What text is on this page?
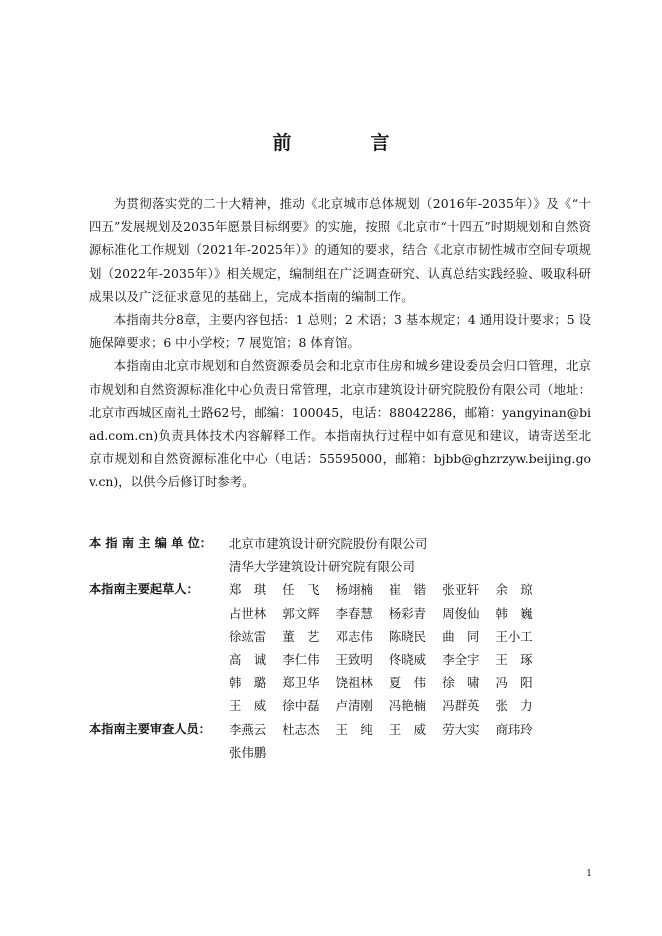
前　言

为贯彻落实党的二十大精神，推动《北京城市总体规划（2016年-2035年）》及《“十四五”发展规划及2035年愿景目标纲要》的实施，按照《北京市“十四五”时期规划和自然资源标准化工作规划（2021年-2025年）》的通知的要求，结合《北京市韧性城市空间专项规划（2022年-2035年）》相关规定，编制组在广泛调查研究、认真总结实践经验、吸取科研成果以及广泛征求意见的基础上，完成本指南的编制工作。

本指南共分8章，主要内容包括：1 总则；2 术语；3 基本规定；4 通用设计要求；5 设施保障要求；6 中小学校；7 展览馆；8 体育馆。

本指南由北京市规划和自然资源委员会和北京市住房和城乡建设委员会归口管理，北京市规划和自然资源标准化中心负责日常管理，北京市建筑设计研究院股份有限公司（地址：北京市西城区南礼士路62号，邮编：100045，电话：88042286，邮箱：yangyinan@biad.com.cn)负责具体技术内容解释工作。本指南执行过程中如有意见和建议，请寄送至北京市规划和自然资源标准化中心（电话：55595000，邮箱：bjbb@ghzrzyw.beijing.gov.cn)，以供今后修订时参考。

本 指 南 主 编 单 位：	北京市建筑设计研究院股份有限公司
清华大学建筑设计研究院有限公司
本指南主要起草人：	郑　琪	任　飞	杨翊楠	崔　锴	张亚轩	余　琼
占世林	郭文辉	李春慧	杨彩青	周俊仙	韩　巍
徐竑雷	董　艺	邓志伟	陈晓民	曲　同	王小工
高　诚	李仁伟	王致明	佟晓威	李全宇	王　琢
韩　璐	郑卫华	饶祖林	夏　伟	徐　啸	冯　阳
王　威	徐中磊	卢清刚	冯艳楠	冯群英	张　力
本指南主要审查人员：	李燕云	杜志杰	王　纯	王　威	劳大实	商玮玲
张伟鹏
1
